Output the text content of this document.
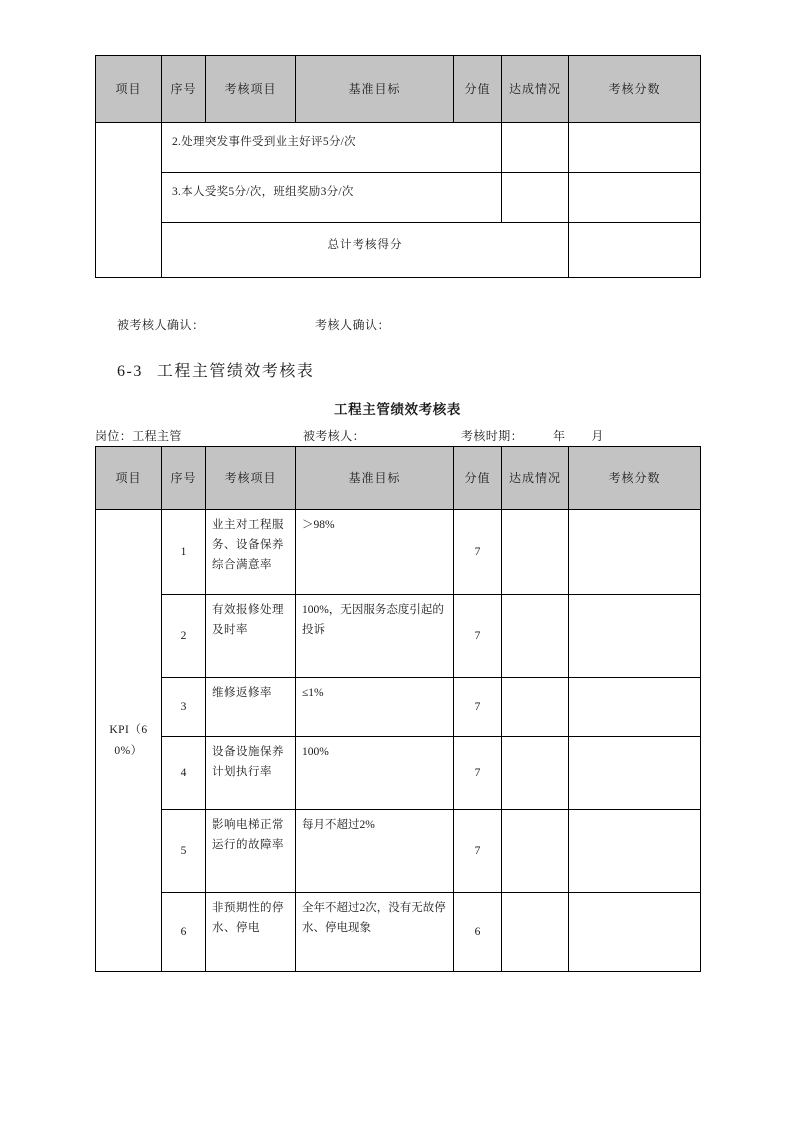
项目	序号	考核项目	基准目标	分值	达成情况	考核分数
	2.处理突发事件受到业主好评5分/次					
	3.本人受奖5分/次，班组奖励3分/次					
	总计考核得分					
被考核人确认：	考核人确认：
6-3 工程主管绩效考核表
工程主管绩效考核表
岗位：工程主管	被考核人：	考核时期：	年 月
项目	序号	考核项目	基准目标	分值	达成情况	考核分数
KPI（60%）	1	业主对工程服务、设备保养综合满意率	＞98%	7		
	2	有效报修处理及时率	100%，无因服务态度引起的投诉	7		
	3	维修返修率	≤1%	7		
	4	设备设施保养计划执行率	100%	7		
	5	影响电梯正常运行的故障率	每月不超过2%	7		
	6	非预期性的停水、停电	全年不超过2次，没有无故停水、停电现象	6		
